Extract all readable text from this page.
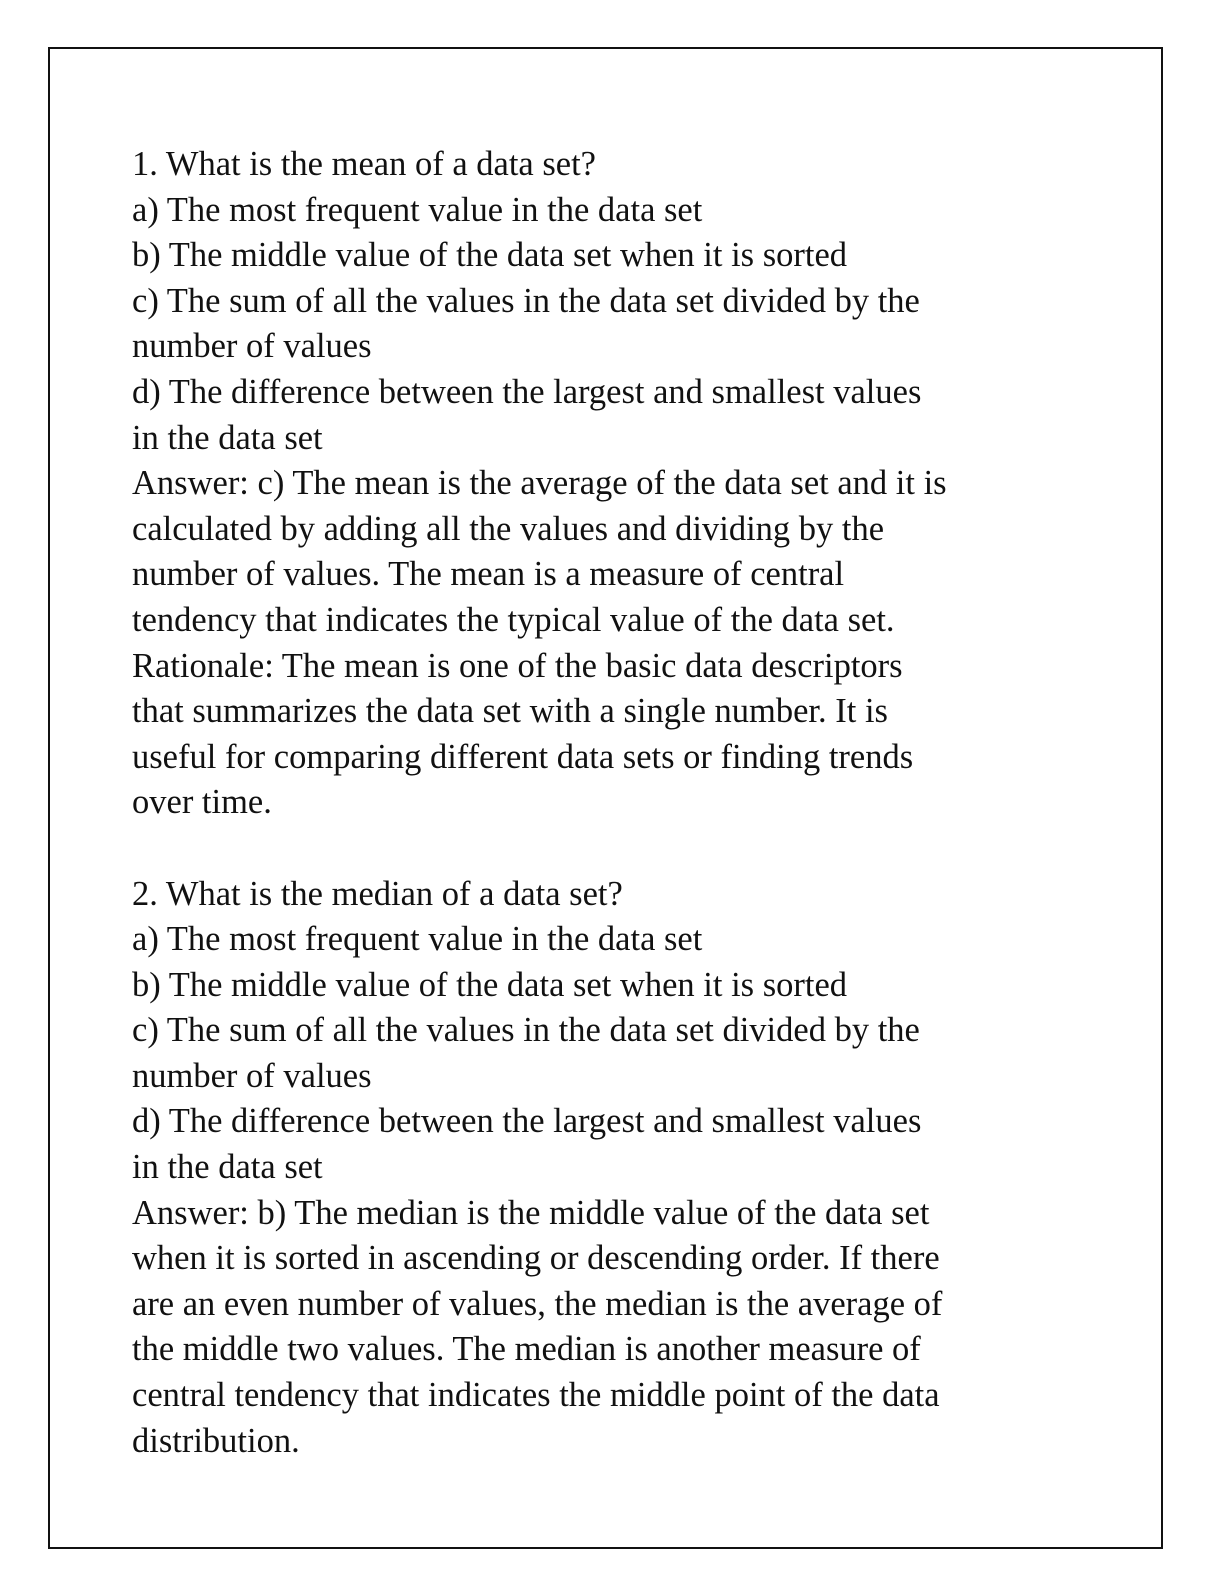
1. What is the mean of a data set?
a) The most frequent value in the data set
b) The middle value of the data set when it is sorted
c) The sum of all the values in the data set divided by the
number of values
d) The difference between the largest and smallest values
in the data set
Answer: c) The mean is the average of the data set and it is
calculated by adding all the values and dividing by the
number of values. The mean is a measure of central
tendency that indicates the typical value of the data set.
Rationale: The mean is one of the basic data descriptors
that summarizes the data set with a single number. It is
useful for comparing different data sets or finding trends
over time.
2. What is the median of a data set?
a) The most frequent value in the data set
b) The middle value of the data set when it is sorted
c) The sum of all the values in the data set divided by the
number of values
d) The difference between the largest and smallest values
in the data set
Answer: b) The median is the middle value of the data set
when it is sorted in ascending or descending order. If there
are an even number of values, the median is the average of
the middle two values. The median is another measure of
central tendency that indicates the middle point of the data
distribution.
